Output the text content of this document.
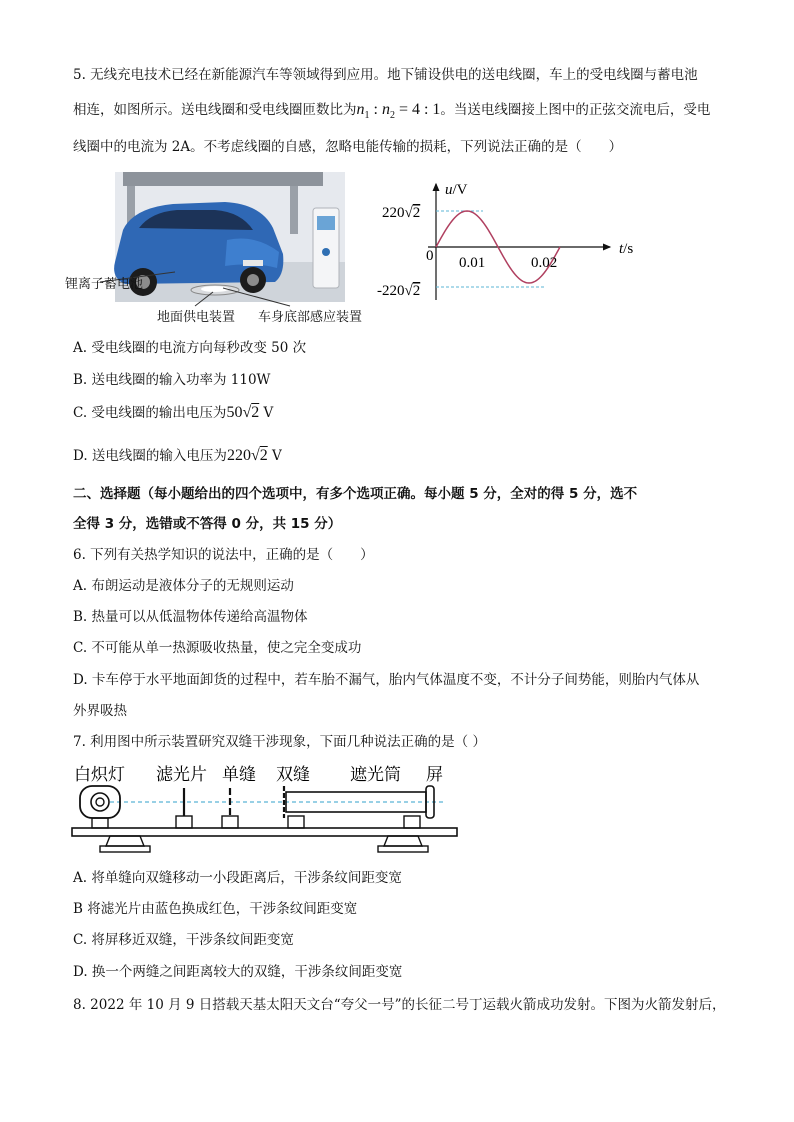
5. 无线充电技术已经在新能源汽车等领域得到应用。地下铺设供电的送电线圈，车上的受电线圈与蓄电池
相连，如图所示。送电线圈和受电线圈匝数比为$n_1$ : $n_2 = 4$ : 1。当送电线圈接上图中的正弦交流电后，受电
线圈中的电流为 2A。不考虑线圈的自感，忽略电能传输的损耗，下列说法正确的是（　　）
锂离子蓄电池
地面供电装置 车身底部感应装置
u/V
t/s
220√2
-220√2
0 0.01	0.02
A. 受电线圈的电流方向每秒改变 50 次
B. 送电线圈的输入功率为 110W
C. 受电线圈的输出电压为50√2 V
D. 送电线圈的输入电压为220√2 V
二、选择题（每小题给出的四个选项中，有多个选项正确。每小题 5 分，全对的得 5 分，选不
全得 3 分，选错或不答得 0 分，共 15 分）
6. 下列有关热学知识的说法中，正确的是（　　）
A. 布朗运动是液体分子的无规则运动
B. 热量可以从低温物体传递给高温物体
C. 不可能从单一热源吸收热量，使之完全变成功
D. 卡车停于水平地面卸货的过程中，若车胎不漏气，胎内气体温度不变，不计分子间势能，则胎内气体从
外界吸热
7. 利用图中所示装置研究双缝干涉现象，下面几种说法正确的是（ ）
白炽灯 滤光片 单缝 双缝 遮光筒 屏
A. 将单缝向双缝移动一小段距离后，干涉条纹间距变宽
B 将滤光片由蓝色换成红色，干涉条纹间距变宽
C. 将屏移近双缝，干涉条纹间距变宽
D. 换一个两缝之间距离较大的双缝，干涉条纹间距变宽
8. 2022 年 10 月 9 日搭载天基太阳天文台“夸父一号”的长征二号丁运载火箭成功发射。下图为火箭发射后，
